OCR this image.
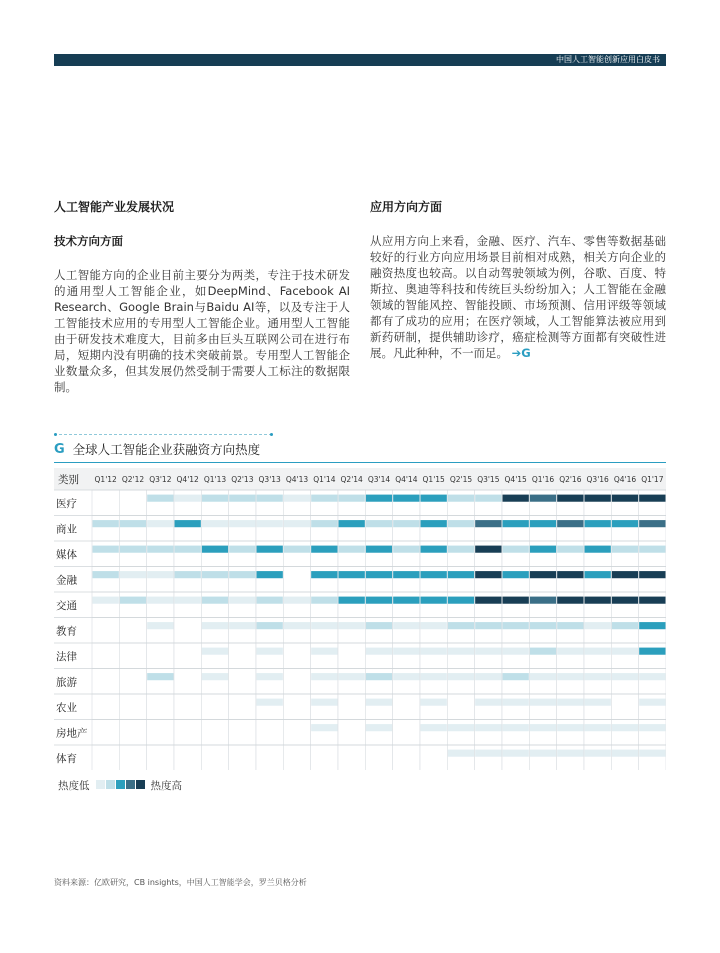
中国人工智能创新应用白皮书
人工智能产业发展状况
技术方向方面

人工智能方向的企业目前主要分为两类，专注于技术研发的通用型人工智能企业，如DeepMind、Facebook AI Research、Google Brain与Baidu AI等，以及专注于人工智能技术应用的专用型人工智能企业。通用型人工智能由于研发技术难度大，目前多由巨头互联网公司在进行布局，短期内没有明确的技术突破前景。专用型人工智能企业数量众多，但其发展仍然受制于需要人工标注的数据限制。

应用方向方面

从应用方向上来看，金融、医疗、汽车、零售等数据基础较好的行业方向应用场景目前相对成熟，相关方向企业的融资热度也较高。以自动驾驶领域为例，谷歌、百度、特斯拉、奥迪等科技和传统巨头纷纷加入；人工智能在金融领域的智能风控、智能投顾、市场预测、信用评级等领域都有了成功的应用；在医疗领域，人工智能算法被应用到新药研制，提供辅助诊疗，癌症检测等方面都有突破性进展。凡此种种，不一而足。 ➔G

G 全球人工智能企业获融资方向热度
类别 Q1'12 Q2'12 Q3'12 Q4'12 Q1'13 Q2'13 Q3'13 Q4'13 Q1'14 Q2'14 Q3'14 Q4'14 Q1'15 Q2'15 Q3'15 Q4'15 Q1'16 Q2'16 Q3'16 Q4'16 Q1'17
医疗
商业
媒体
金融
交通
教育
法律
旅游
农业
房地产
体育
热度低	热度高
资料来源：亿欧研究，CB insights，中国人工智能学会，罗兰贝格分析
